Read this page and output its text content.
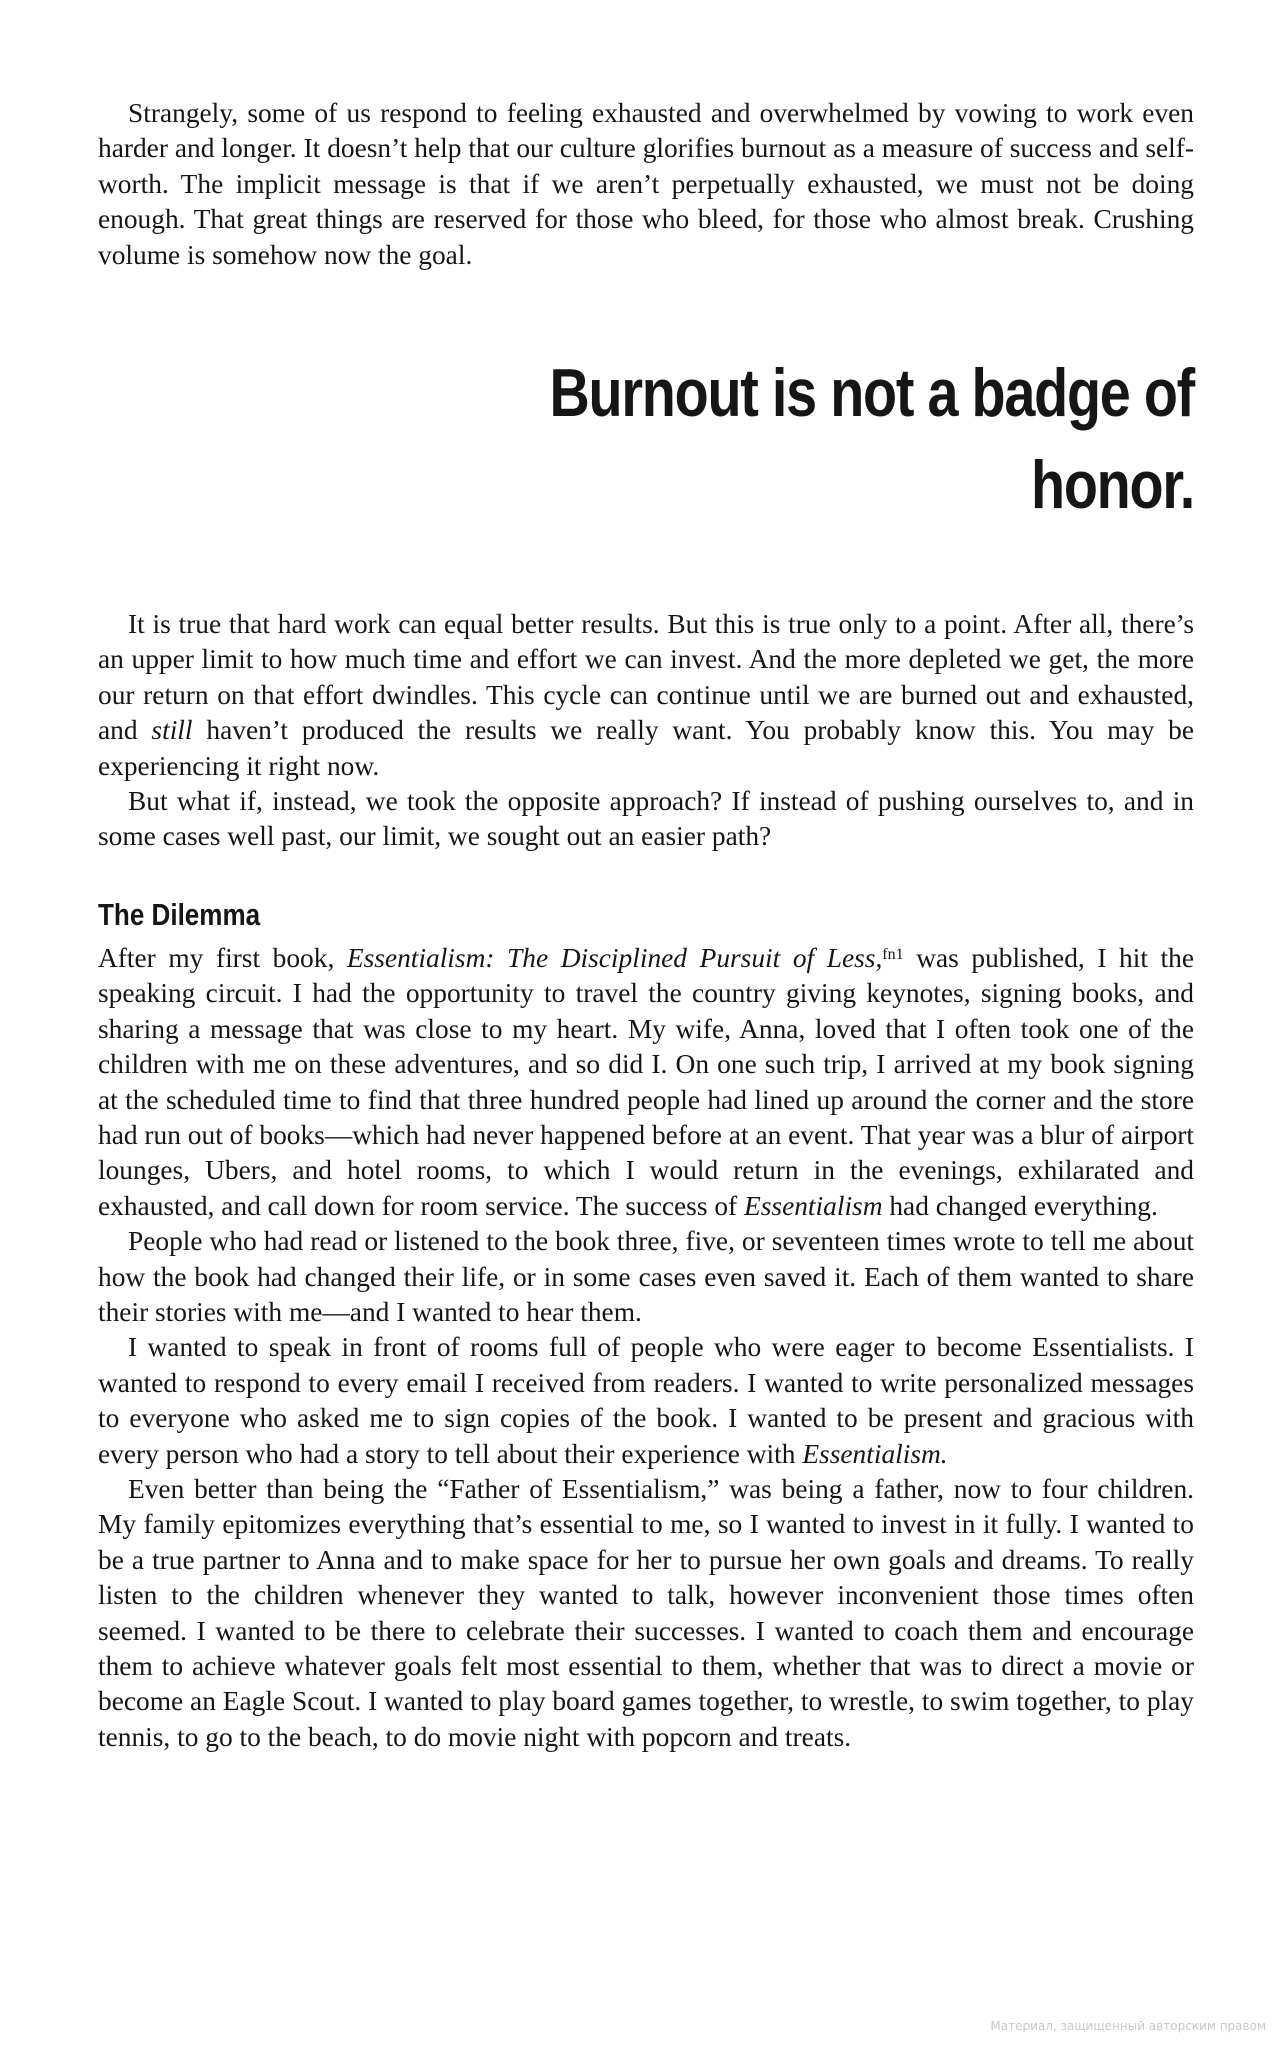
Strangely, some of us respond to feeling exhausted and overwhelmed by vowing to work even harder and longer. It doesn’t help that our culture glorifies burnout as a measure of success and self-worth. The implicit message is that if we aren’t perpetually exhausted, we must not be doing enough. That great things are reserved for those who bleed, for those who almost break. Crushing volume is somehow now the goal.

Burnout is not a badge of
honor.

It is true that hard work can equal better results. But this is true only to a point. After all, there’s an upper limit to how much time and effort we can invest. And the more depleted we get, the more our return on that effort dwindles. This cycle can continue until we are burned out and exhausted, and still haven’t produced the results we really want. You probably know this. You may be experiencing it right now.

But what if, instead, we took the opposite approach? If instead of pushing ourselves to, and in some cases well past, our limit, we sought out an easier path?

The Dilemma

After my first book, Essentialism: The Disciplined Pursuit of Less,$^{fn1}$ was published, I hit the speaking circuit. I had the opportunity to travel the country giving keynotes, signing books, and sharing a message that was close to my heart. My wife, Anna, loved that I often took one of the children with me on these adventures, and so did I. On one such trip, I arrived at my book signing at the scheduled time to find that three hundred people had lined up around the corner and the store had run out of books—which had never happened before at an event. That year was a blur of airport lounges, Ubers, and hotel rooms, to which I would return in the evenings, exhilarated and exhausted, and call down for room service. The success of Essentialism had changed everything.

People who had read or listened to the book three, five, or seventeen times wrote to tell me about how the book had changed their life, or in some cases even saved it. Each of them wanted to share their stories with me—and I wanted to hear them.

I wanted to speak in front of rooms full of people who were eager to become Essentialists. I wanted to respond to every email I received from readers. I wanted to write personalized messages to everyone who asked me to sign copies of the book. I wanted to be present and gracious with every person who had a story to tell about their experience with Essentialism.

Even better than being the “Father of Essentialism,” was being a father, now to four children. My family epitomizes everything that’s essential to me, so I wanted to invest in it fully. I wanted to be a true partner to Anna and to make space for her to pursue her own goals and dreams. To really listen to the children whenever they wanted to talk, however inconvenient those times often seemed. I wanted to be there to celebrate their successes. I wanted to coach them and encourage them to achieve whatever goals felt most essential to them, whether that was to direct a movie or become an Eagle Scout. I wanted to play board games together, to wrestle, to swim together, to play tennis, to go to the beach, to do movie night with popcorn and treats.

Материал, защищенный авторским правом
